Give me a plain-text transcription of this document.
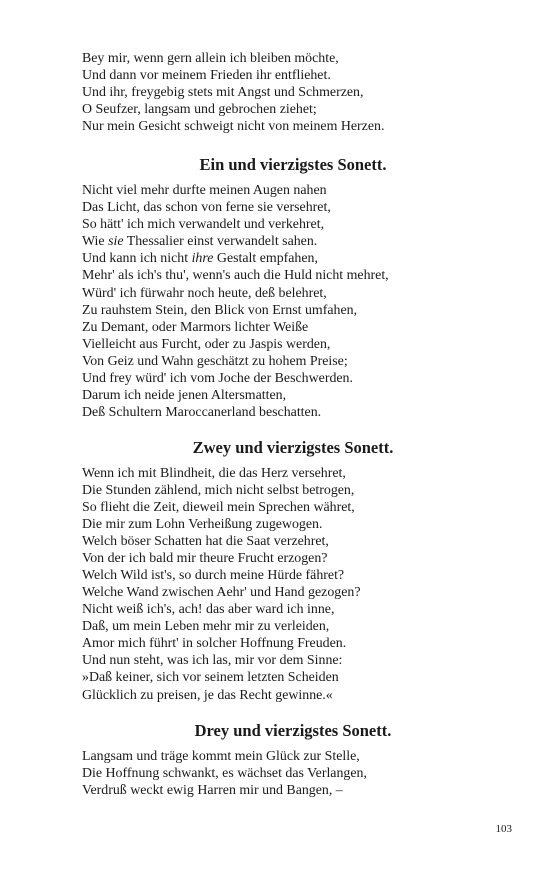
Bey mir, wenn gern allein ich bleiben möchte,
Und dann vor meinem Frieden ihr entfliehet.
Und ihr, freygebig stets mit Angst und Schmerzen,
O Seufzer, langsam und gebrochen ziehet;
Nur mein Gesicht schweigt nicht von meinem Herzen.
Ein und vierzigstes Sonett.
Nicht viel mehr durfte meinen Augen nahen
Das Licht, das schon von ferne sie versehret,
So hätt' ich mich verwandelt und verkehret,
Wie sie Thessalier einst verwandelt sahen.
Und kann ich nicht ihre Gestalt empfahen,
Mehr' als ich's thu', wenn's auch die Huld nicht mehret,
Würd' ich fürwahr noch heute, deß belehret,
Zu rauhstem Stein, den Blick von Ernst umfahen,
Zu Demant, oder Marmors lichter Weiße
Vielleicht aus Furcht, oder zu Jaspis werden,
Von Geiz und Wahn geschätzt zu hohem Preise;
Und frey würd' ich vom Joche der Beschwerden.
Darum ich neide jenen Altersmatten,
Deß Schultern Maroccanerland beschatten.
Zwey und vierzigstes Sonett.
Wenn ich mit Blindheit, die das Herz versehret,
Die Stunden zählend, mich nicht selbst betrogen,
So flieht die Zeit, dieweil mein Sprechen währet,
Die mir zum Lohn Verheißung zugewogen.
Welch böser Schatten hat die Saat verzehret,
Von der ich bald mir theure Frucht erzogen?
Welch Wild ist's, so durch meine Hürde fähret?
Welche Wand zwischen Aehr' und Hand gezogen?
Nicht weiß ich's, ach! das aber ward ich inne,
Daß, um mein Leben mehr mir zu verleiden,
Amor mich führt' in solcher Hoffnung Freuden.
Und nun steht, was ich las, mir vor dem Sinne:
»Daß keiner, sich vor seinem letzten Scheiden
Glücklich zu preisen, je das Recht gewinne.«
Drey und vierzigstes Sonett.
Langsam und träge kommt mein Glück zur Stelle,
Die Hoffnung schwankt, es wächset das Verlangen,
Verdruß weckt ewig Harren mir und Bangen, –
103
